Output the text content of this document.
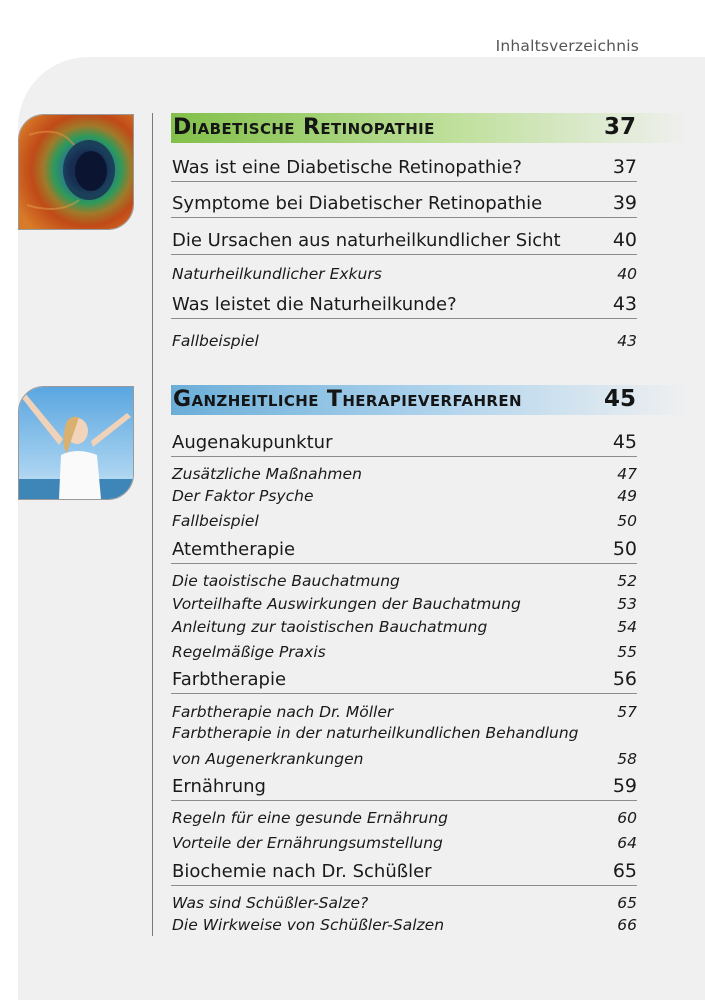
Inhaltsverzeichnis
Diabetische Retinopathie	37
Was ist eine Diabetische Retinopathie?	37
Symptome bei Diabetischer Retinopathie	39
Die Ursachen aus naturheilkundlicher Sicht	40
Naturheilkundlicher Exkurs	40
Was leistet die Naturheilkunde?	43
Fallbeispiel	43
Ganzheitliche Therapieverfahren	45
Augenakupunktur	45
Zusätzliche Maßnahmen	47
Der Faktor Psyche	49
Fallbeispiel	50
Atemtherapie	50
Die taoistische Bauchatmung	52
Vorteilhafte Auswirkungen der Bauchatmung	53
Anleitung zur taoistischen Bauchatmung	54
Regelmäßige Praxis	55
Farbtherapie	56
Farbtherapie nach Dr. Möller	57
Farbtherapie in der naturheilkundlichen Behandlung
von Augenerkrankungen	58
Ernährung	59
Regeln für eine gesunde Ernährung	60
Vorteile der Ernährungsumstellung	64
Biochemie nach Dr. Schüßler	65
Was sind Schüßler-Salze?	65
Die Wirkweise von Schüßler-Salzen	66
